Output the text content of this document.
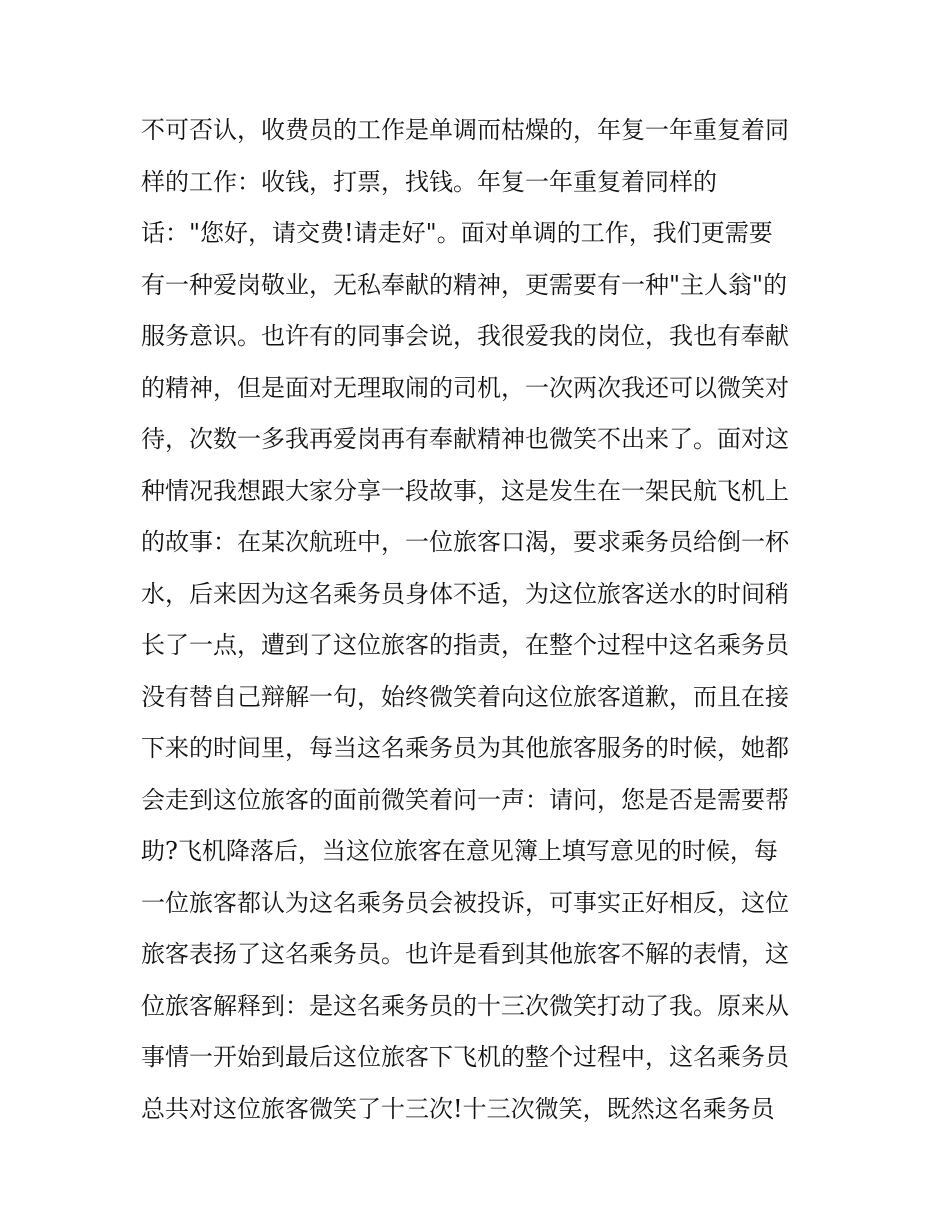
不可否认，收费员的工作是单调而枯燥的，年复一年重复着同
样的工作：收钱，打票，找钱。年复一年重复着同样的
话："您好，请交费!请走好"。面对单调的工作，我们更需要
有一种爱岗敬业，无私奉献的精神，更需要有一种"主人翁"的
服务意识。也许有的同事会说，我很爱我的岗位，我也有奉献
的精神，但是面对无理取闹的司机，一次两次我还可以微笑对
待，次数一多我再爱岗再有奉献精神也微笑不出来了。面对这
种情况我想跟大家分享一段故事，这是发生在一架民航飞机上
的故事：在某次航班中，一位旅客口渴，要求乘务员给倒一杯
水，后来因为这名乘务员身体不适，为这位旅客送水的时间稍
长了一点，遭到了这位旅客的指责，在整个过程中这名乘务员
没有替自己辩解一句，始终微笑着向这位旅客道歉，而且在接
下来的时间里，每当这名乘务员为其他旅客服务的时候，她都
会走到这位旅客的面前微笑着问一声：请问，您是否是需要帮
助?飞机降落后，当这位旅客在意见簿上填写意见的时候，每
一位旅客都认为这名乘务员会被投诉，可事实正好相反，这位
旅客表扬了这名乘务员。也许是看到其他旅客不解的表情，这
位旅客解释到：是这名乘务员的十三次微笑打动了我。原来从
事情一开始到最后这位旅客下飞机的整个过程中，这名乘务员
总共对这位旅客微笑了十三次!十三次微笑，既然这名乘务员
